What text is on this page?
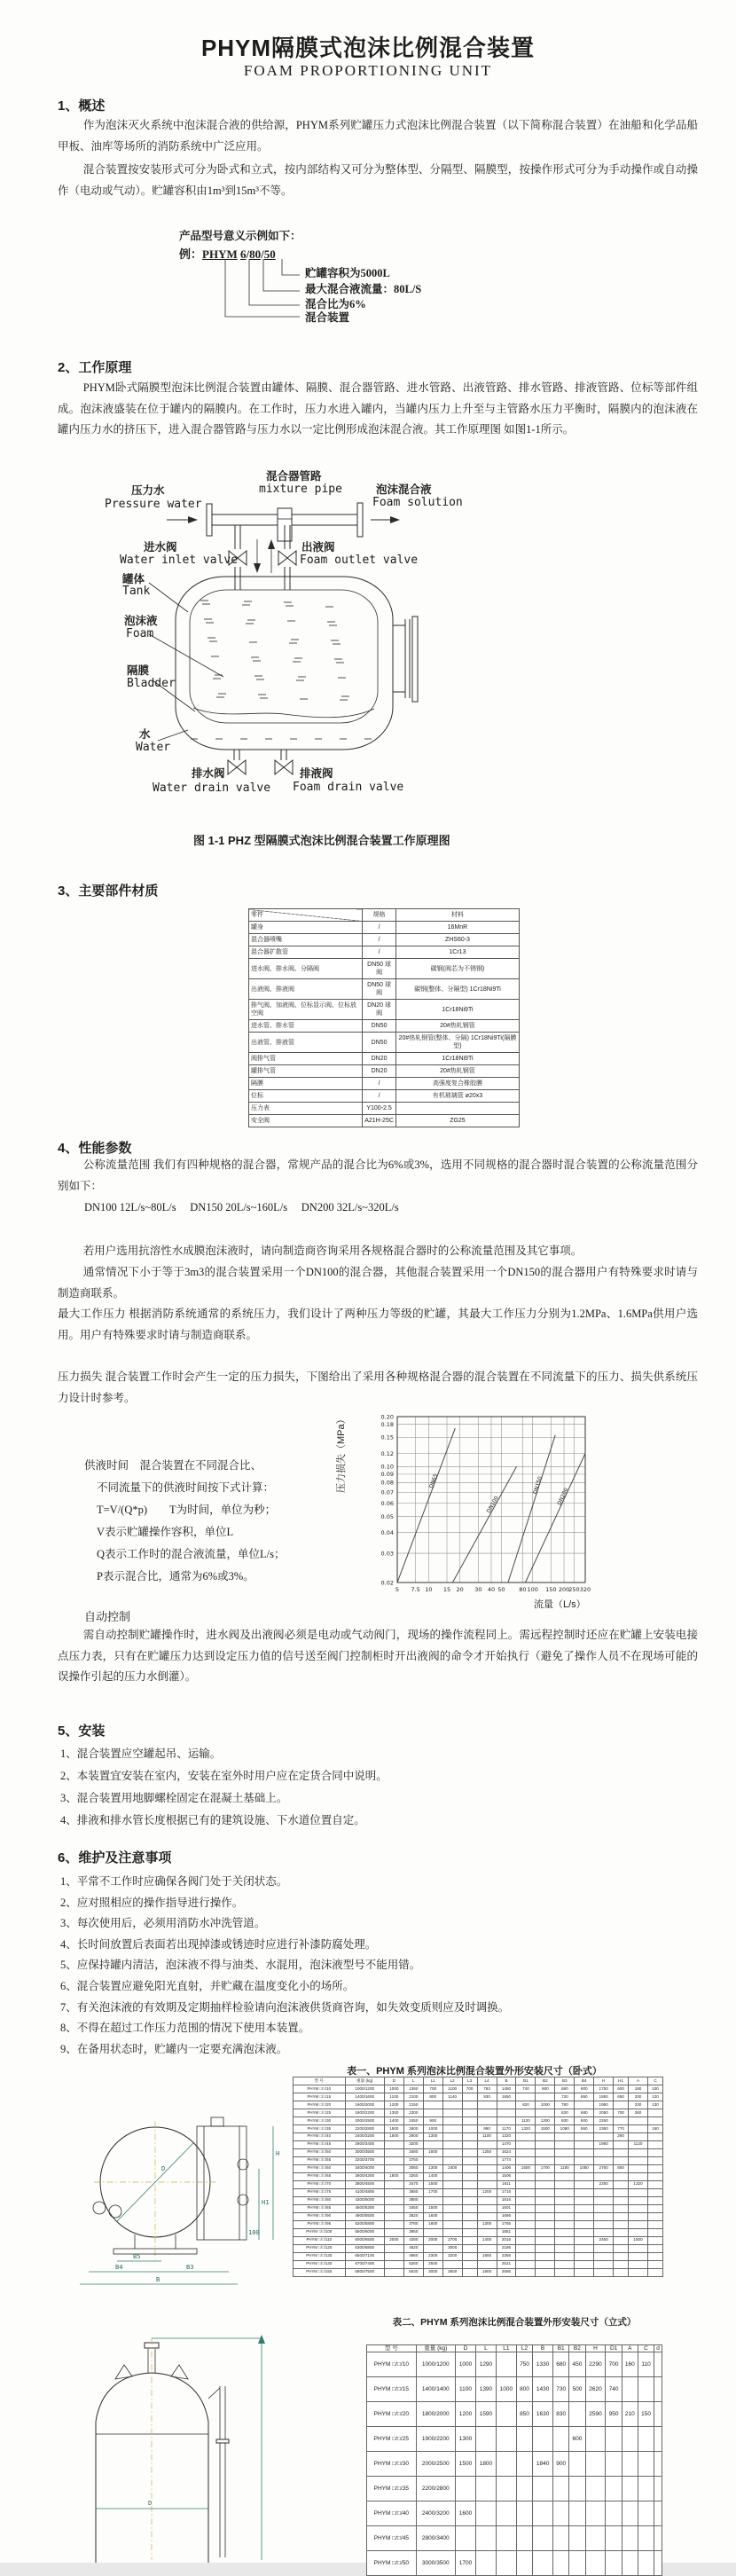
PHYM隔膜式泡沫比例混合装置
FOAM PROPORTIONING UNIT
1、概述
作为泡沫灭火系统中泡沫混合液的供给源，PHYM系列贮罐压力式泡沫比例混合装置（以下简称混合装置）在油船和化学品船甲板、油库等场所的消防系统中广泛应用。
混合装置按安装形式可分为卧式和立式，按内部结构又可分为整体型、分隔型、隔膜型，按操作形式可分为手动操作或自动操作（电动或气动）。贮罐容积由1m³到15m³不等。
产品型号意义示例如下：
例：PHYM 6/80/50
贮罐容积为5000L
最大混合液流量：80L/S
混合比为6%
混合装置
2、工作原理
PHYM卧式隔膜型泡沫比例混合装置由罐体、隔膜、混合器管路、进水管路、出液管路、排水管路、排液管路、位标等部件组成。泡沫液盛装在位于罐内的隔膜内。在工作时，压力水进入罐内，当罐内压力上升至与主管路水压力平衡时，隔膜内的泡沫液在罐内压力水的挤压下，进入混合器管路与压力水以一定比例形成泡沫混合液。其工作原理图 如图1-1所示。
混合器管路
mixture pipe
压力水
Pressure water
泡沫混合液
Foam solution
进水阀
Water inlet valve
出液阀
Foam outlet valve
罐体
Tank
泡沫液
Foam
隔膜
Bladder
水
Water
排水阀
Water drain valve
排液阀
Foam drain valve
图 1-1 PHZ 型隔膜式泡沫比例混合装置工作原理图
3、主要部件材质
零件	规格	材料
罐身	/	16MnR
混合器喷嘴	/	ZHS60-3
混合器扩散管	/	1Cr13
进水阀、排水阀、分隔阀	DN50 球阀	碳钢(阀芯为不锈钢)
出液阀、排液阀	DN50 球阀	碳钢(整体、分隔型) 1Cr18Ni9Ti
排气阀、加液阀、位标显示阀、位标放空阀	DN20 球阀	1Cr18Ni9Ti
进水管、排水管	DN50	20#热轧钢管
出液管、排液管	DN50	20#热轧钢管(整体、分隔) 1Cr18Ni9Ti(隔膜型)
阀排气管	DN20	1Cr18Ni9Ti
罐排气管	DN20	20#热轧钢管
隔膜	/	高强度复合橡胶膜
位标	/	有机玻璃管 ø20x3
压力表	Y100-2.5	
安全阀	A21H-25C	ZG25
4、性能参数
公称流量范围 我们有四种规格的混合器，常规产品的混合比为6%或3%，选用不同规格的混合器时混合装置的公称流量范围分别如下：
DN100 12L/s~80L/s　 DN150 20L/s~160L/s　 DN200 32L/s~320L/s
若用户选用抗溶性水成膜泡沫液时，请向制造商咨询采用各规格混合器时的公称流量范围及其它事项。
通常情况下小于等于3m3的混合装置采用一个DN100的混合器，其他混合装置采用一个DN150的混合器用户有特殊要求时请与制造商联系。
最大工作压力 根据消防系统通常的系统压力，我们设计了两种压力等级的贮罐，其最大工作压力分别为1.2MPa、1.6MPa供用户选用。用户有特殊要求时请与制造商联系。
压力损失 混合装置工作时会产生一定的压力损失，下图给出了采用各种规格混合器的混合装置在不同流量下的压力、损失供系统压力设计时参考。
供液时间　混合装置在不同混合比、
不同流量下的供液时间按下式计算：
T=V/(Q*p)　　T为时间，单位为秒；
V表示贮罐操作容积，单位L
Q表示工作时的混合液流量，单位L/s；
P表示混合比，通常为6%或3%。
5 7.5 10 15 20 30 40 50 80 100 150 200
250 320
0.02
0.03
0.04
0.05
0.06
0.07
0.08
0.09
0.10
0.12
0.15
0.18
0.20
DN65
DN100
DN150
DN200
流量（L/s）
压力损失（MPa）
自动控制
需自动控制贮罐操作时，进水阀及出液阀必须是电动或气动阀门，现场的操作流程同上。需远程控制时还应在贮罐上安装电接点压力表，只有在贮罐压力达到设定压力值的信号送至阀门控制柜时开出液阀的命令才开始执行（避免了操作人员不在现场可能的误操作引起的压力水倒灌）。
5、安装
1、混合装置应空罐起吊、运输。
2、本装置宜安装在室内，安装在室外时用户应在定货合同中说明。
3、混合装置用地脚螺栓固定在混凝土基础上。
4、排液和排水管长度根据已有的建筑设施、下水道位置自定。
6、维护及注意事项
1、平常不工作时应确保各阀门处于关闭状态。
2、应对照相应的操作指导进行操作。
3、每次使用后，必须用消防水冲洗管道。
4、长时间放置后表面若出现掉漆或锈迹时应进行补漆防腐处理。
5、应保持罐内清洁，泡沫液不得与油类、水混用，泡沫液型号不能用错。
6、混合装置应避免阳光直射，并贮藏在温度变化小的场所。
7、有关泡沫液的有效期及定期抽样检验请向泡沫液供货商咨询，如失效变质则应及时调换。
8、不得在超过工作压力范围的情况下使用本装置。
9、在备用状态时，贮罐内一定要充满泡沫液。
表一、PHYM 系列泡沫比例混合装置外形安装尺寸（卧式）
型 号	重量 (kg)	D	L	L1	L2	L3	L4	B	B1	B2	B3	B4	H	H1	A	C
PHYM □/□/10	1000/1200	1000	1360	700	1100	700	763	1450	740	900	680	600	1750	600	180	100
PHYM □/□/15	1400/1600	1100	2100	800	1140		930	1550			730	650	1850	650	200	120
PHYM □/□/20	1600/2000	1200	2150						820	1000	780		1950		230	130
PHYM □/□/25	1800/2200	1300	2300								830	680	2050	700	260	
PHYM □/□/30	2000/2500	1400	2450	900					1120	1300	930	800	2260			
PHYM □/□/35	2200/2800	1500	2600	1000			950	1170	1320	1500	1080	950	2360	770		160
PHYM □/□/40	2400/3200	1500	2900	1300			1100	1320						280		
PHYM □/□/45	2800/3400		3200					1470					1950		1120	
PHYM □/□/50	3000/3500		3480	1600			1250	1624								
PHYM □/□/55	3200/3700		3750					1774								
PHYM □/□/60	3400/4000		3060	1300	2400			1406	1500	1700	1180	1050	2760	850		
PHYM □/□/65	3600/4300	1800	3260	1400				1506								
PHYM □/□/70	3800/4500		3470	1500				1611					2250		1320	
PHYM □/□/75	4100/4800		3680	1700			1200	1716								
PHYM □/□/80	4300/5000		3880					1816								
PHYM □/□/85	4600/5300		3450	1500				1601								
PHYM □/□/90	4900/5500		3620	1600				1686								
PHYM □/□/95	5200/5800		3780	1800			1300	1765								
PHYM □/□/100	5500/6000		3950					1851								
PHYM □/□/110	6000/6500	2000	4280	2000	2700		1400	2016					2450		1500	
PHYM □/□/120	6300/6800		4620		3000			2186								
PHYM □/□/130	6500/7100		4960	2300	3200		1650	2356								
PHYM □/□/140	6700/7400		5260	2500				2521								
PHYM □/□/150	6800/7500		5630	3000	3600		1900	2686								
D
H
H1
100
B5
B4	B3
B
表二、PHYM 系列泡沫比例混合装置外形安装尺寸（立式）
型 号	重量 (kg)	D	L	L1	L2	B	B1	B2	H	D1	A	C	d
PHYM □/□/10	1000/1200	1000	1290		750	1330	680	450	2290	700	160	110	
PHYM □/□/15	1400/1400	1100	1390	1000	800	1430	730	500	2620	740			
PHYM □/□/20	1800/2000	1200	1590		850	1630	830		2590	950	210	150	
PHYM □/□/25	1900/2200	1300						600					
PHYM □/□/30	2000/2500	1500	1800			1840	900						
PHYM □/□/35	2200/2800												
PHYM □/□/40	2400/3200	1600											
PHYM □/□/45	2800/3400												
PHYM □/□/50	3000/3500	1700											
D
